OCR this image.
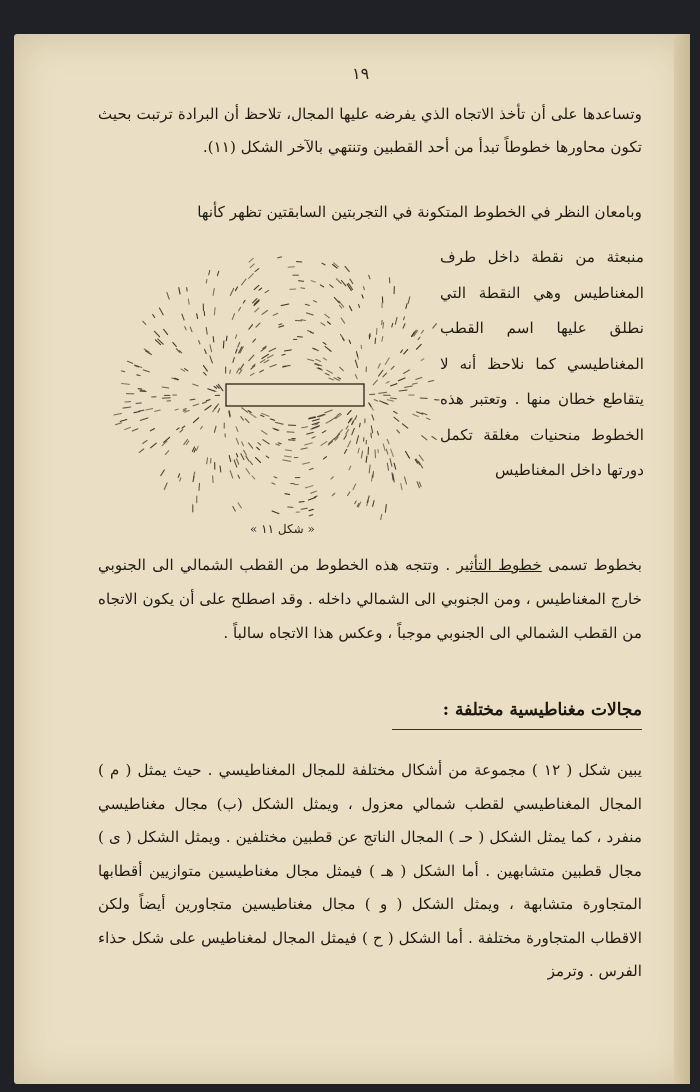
١٩
وتساعدها على أن تأخذ الاتجاه الذي يفرضه عليها المجال، تلاحظ أن البرادة ترتبت بحيث تكون محاورها خطوطاً تبدأ من أحد القطبين وتنتهي بالآخر الشكل (١١).
وبامعان النظر في الخطوط المتكونة في التجربتين السابقتين تظهر كأنها
منبعثة من نقطة داخل طرف المغناطيس وهي النقطة التي نطلق عليها اسم القطب المغناطيسي كما نلاحظ أنه لا يتقاطع خطان منها . وتعتبر هذه الخطوط منحنيات مغلقة تكمل دورتها داخل المغناطيس
« شكل ١١ »
بخطوط تسمى خطوط التأثير . وتتجه هذه الخطوط من القطب الشمالي الى الجنوبي خارج المغناطيس ، ومن الجنوبي الى الشمالي داخله . وقد اصطلح على أن يكون الاتجاه من القطب الشمالي الى الجنوبي موجباً ، وعكس هذا الاتجاه سالباً .
مجالات مغناطيسية مختلفة :
يبين شكل ( ١٢ ) مجموعة من أشكال مختلفة للمجال المغناطيسي . حيث يمثل ( م ) المجال المغناطيسي لقطب شمالي معزول ، ويمثل الشكل (ب) مجال مغناطيسي منفرد ، كما يمثل الشكل ( حـ ) المجال الناتج عن قطبين مختلفين . ويمثل الشكل ( ى ) مجال قطبين متشابهين . أما الشكل ( هـ ) فيمثل مجال مغناطيسين متوازيين أقطابها المتجاورة متشابهة ، ويمثل الشكل ( و ) مجال مغناطيسين متجاورين أيضاً ولكن الاقطاب المتجاورة مختلفة . أما الشكل ( ح ) فيمثل المجال لمغناطيس على شكل حذاء الفرس . وترمز
